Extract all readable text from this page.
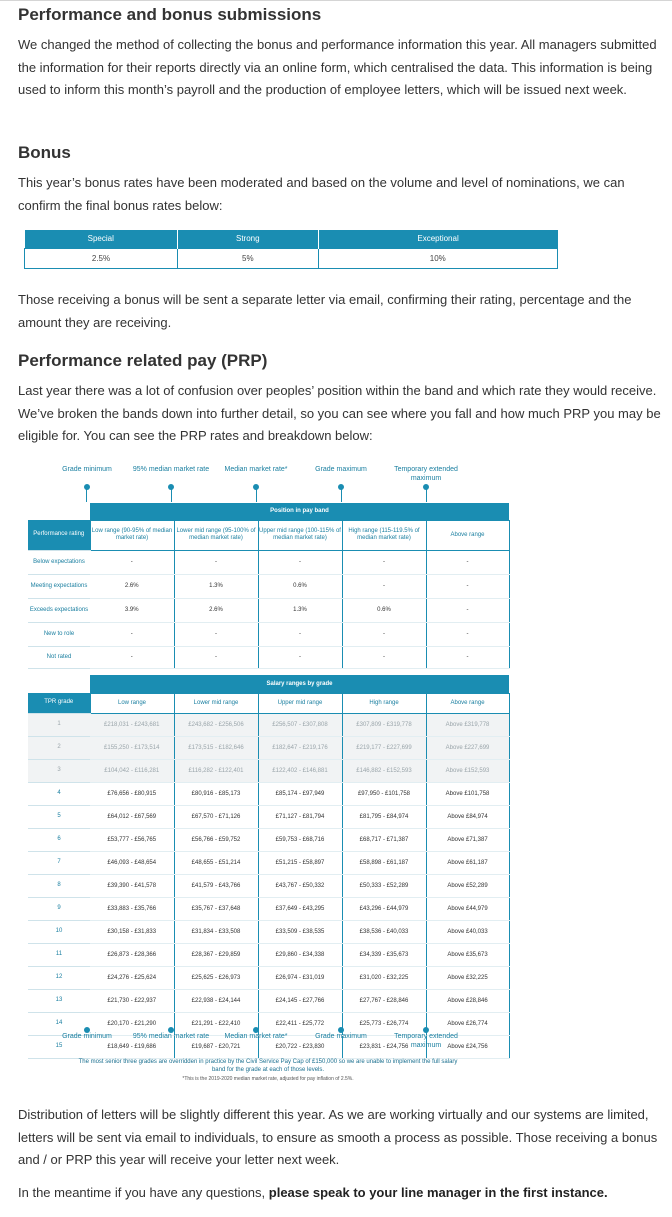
Performance and bonus submissions
We changed the method of collecting the bonus and performance information this year. All managers submitted the information for their reports directly via an online form, which centralised the data. This information is being used to inform this month’s payroll and the production of employee letters, which will be issued next week.
Bonus
This year’s bonus rates have been moderated and based on the volume and level of nominations, we can confirm the final bonus rates below:
Special	Strong	Exceptional
2.5%	5%	10%
Those receiving a bonus will be sent a separate letter via email, confirming their rating, percentage and the amount they are receiving.
Performance related pay (PRP)
Last year there was a lot of confusion over peoples’ position within the band and which rate they would receive. We’ve broken the bands down into further detail, so you can see where you fall and how much PRP you may be eligible for. You can see the PRP rates and breakdown below:
Grade minimum	95% median market rate	Median market rate*	Grade maximum	Temporary extended maximum
	Position in pay band				
Performance rating	Low range (90-95% of median market rate)	Lower mid range (95-100% of median market rate)	Upper mid range (100-115% of median market rate)	High range (115-119.5% of median market rate)	Above range
Below expectations	-	-	-	-	-
Meeting expectations	2.6%	1.3%	0.6%	-	-
Exceeds expectations	3.9%	2.6%	1.3%	0.6%	-
New to role	-	-	-	-	-
Not rated	-	-	-	-	-
	Salary ranges by grade				
TPR grade	Low range	Lower mid range	Upper mid range	High range	Above range
1	£218,031 - £243,681	£243,682 - £256,506	£256,507 - £307,808	£307,809 - £319,778	Above £319,778
2	£155,250 - £173,514	£173,515 - £182,646	£182,647 - £219,176	£219,177 - £227,699	Above £227,699
3	£104,042 - £116,281	£116,282 - £122,401	£122,402 - £146,881	£146,882 - £152,593	Above £152,593
4	£76,656 - £80,915	£80,916 - £85,173	£85,174 - £97,949	£97,950 - £101,758	Above £101,758
5	£64,012 - £67,569	£67,570 - £71,126	£71,127 - £81,794	£81,795 - £84,974	Above £84,974
6	£53,777 - £56,765	£56,766 - £59,752	£59,753 - £68,716	£68,717 - £71,387	Above £71,387
7	£46,093 - £48,654	£48,655 - £51,214	£51,215 - £58,897	£58,898 - £61,187	Above £61,187
8	£39,390 - £41,578	£41,579 - £43,766	£43,767 - £50,332	£50,333 - £52,289	Above £52,289
9	£33,883 - £35,766	£35,767 - £37,648	£37,649 - £43,295	£43,296 - £44,979	Above £44,979
10	£30,158 - £31,833	£31,834 - £33,508	£33,509 - £38,535	£38,536 - £40,033	Above £40,033
11	£26,873 - £28,366	£28,367 - £29,859	£29,860 - £34,338	£34,339 - £35,673	Above £35,673
12	£24,276 - £25,624	£25,625 - £26,973	£26,974 - £31,019	£31,020 - £32,225	Above £32,225
13	£21,730 - £22,937	£22,938 - £24,144	£24,145 - £27,766	£27,767 - £28,846	Above £28,846
14	£20,170 - £21,290	£21,291 - £22,410	£22,411 - £25,772	£25,773 - £26,774	Above £26,774
15	£18,649 - £19,686	£19,687 - £20,721	£20,722 - £23,830	£23,831 - £24,756	Above £24,756
Grade minimum	95% median market rate	Median market rate*	Grade maximum	Temporary extended maximum
The most senior three grades are overridden in practice by the Civil Service Pay Cap of £150,000 so we are unable to implement the full salary band for the grade at each of those levels.
*This is the 2019-2020 median market rate, adjusted for pay inflation of 2.5%.
Distribution of letters will be slightly different this year. As we are working virtually and our systems are limited, letters will be sent via email to individuals, to ensure as smooth a process as possible. Those receiving a bonus and / or PRP this year will receive your letter next week.
In the meantime if you have any questions, please speak to your line manager in the first instance.
